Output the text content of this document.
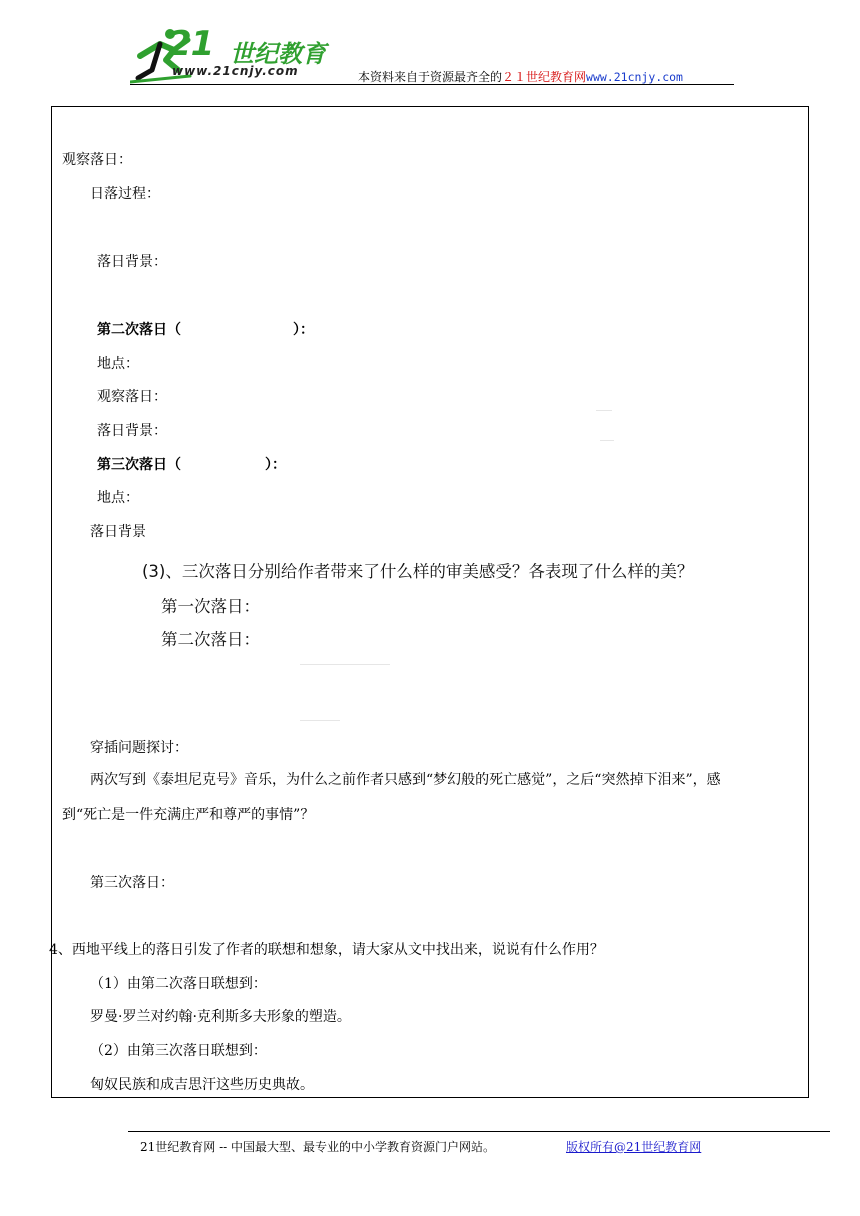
21 世纪教育
www.21cnjy.com	本资料来自于资源最齐全的２１世纪教育网www.21cnjy.com
观察落日：
日落过程：
落日背景：
第二次落日（　　　　　　　　）：
地点：
观察落日：
落日背景：
第三次落日（　　　　　　）：
地点：
落日背景
(3)、三次落日分别给作者带来了什么样的审美感受？各表现了什么样的美？
第一次落日：
第二次落日：
穿插问题探讨：
两次写到《泰坦尼克号》音乐，为什么之前作者只感到“梦幻般的死亡感觉”，之后“突然掉下泪来”，感
到“死亡是一件充满庄严和尊严的事情”？
第三次落日：
4、西地平线上的落日引发了作者的联想和想象，请大家从文中找出来，说说有什么作用？
（1）由第二次落日联想到：
罗曼·罗兰对约翰·克利斯多夫形象的塑造。
（2）由第三次落日联想到：
匈奴民族和成吉思汗这些历史典故。
21世纪教育网 -- 中国最大型、最专业的中小学教育资源门户网站。	版权所有@21世纪教育网
